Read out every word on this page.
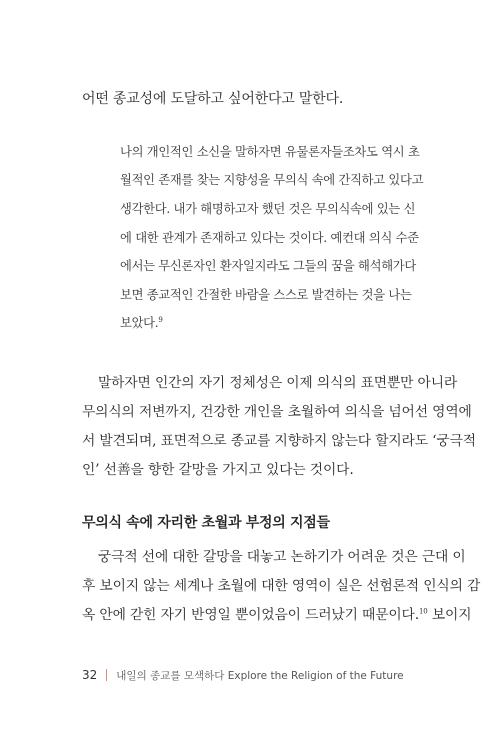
어떤 종교성에 도달하고 싶어한다고 말한다.
나의 개인적인 소신을 말하자면 유물론자들조차도 역시 초
월적인 존재를 찾는 지향성을 무의식 속에 간직하고 있다고
생각한다. 내가 해명하고자 했던 것은 무의식속에 있는 신
에 대한 관계가 존재하고 있다는 것이다. 예컨대 의식 수준
에서는 무신론자인 환자일지라도 그들의 꿈을 해석해가다
보면 종교적인 간절한 바람을 스스로 발견하는 것을 나는
보았다.$^9$
말하자면 인간의 자기 정체성은 이제 의식의 표면뿐만 아니라
무의식의 저변까지, 건강한 개인을 초월하여 의식을 넘어선 영역에
서 발견되며, 표면적으로 종교를 지향하지 않는다 할지라도 ‘궁극적
인’ 선善을 향한 갈망을 가지고 있다는 것이다.
무의식 속에 자리한 초월과 부정의 지점들
궁극적 선에 대한 갈망을 대놓고 논하기가 어려운 것은 근대 이
후 보이지 않는 세계나 초월에 대한 영역이 실은 선험론적 인식의 감
옥 안에 갇힌 자기 반영일 뿐이었음이 드러났기 때문이다.$^{10}$ 보이지
32 내일의 종교를 모색하다 Explore the Religion of the Future
